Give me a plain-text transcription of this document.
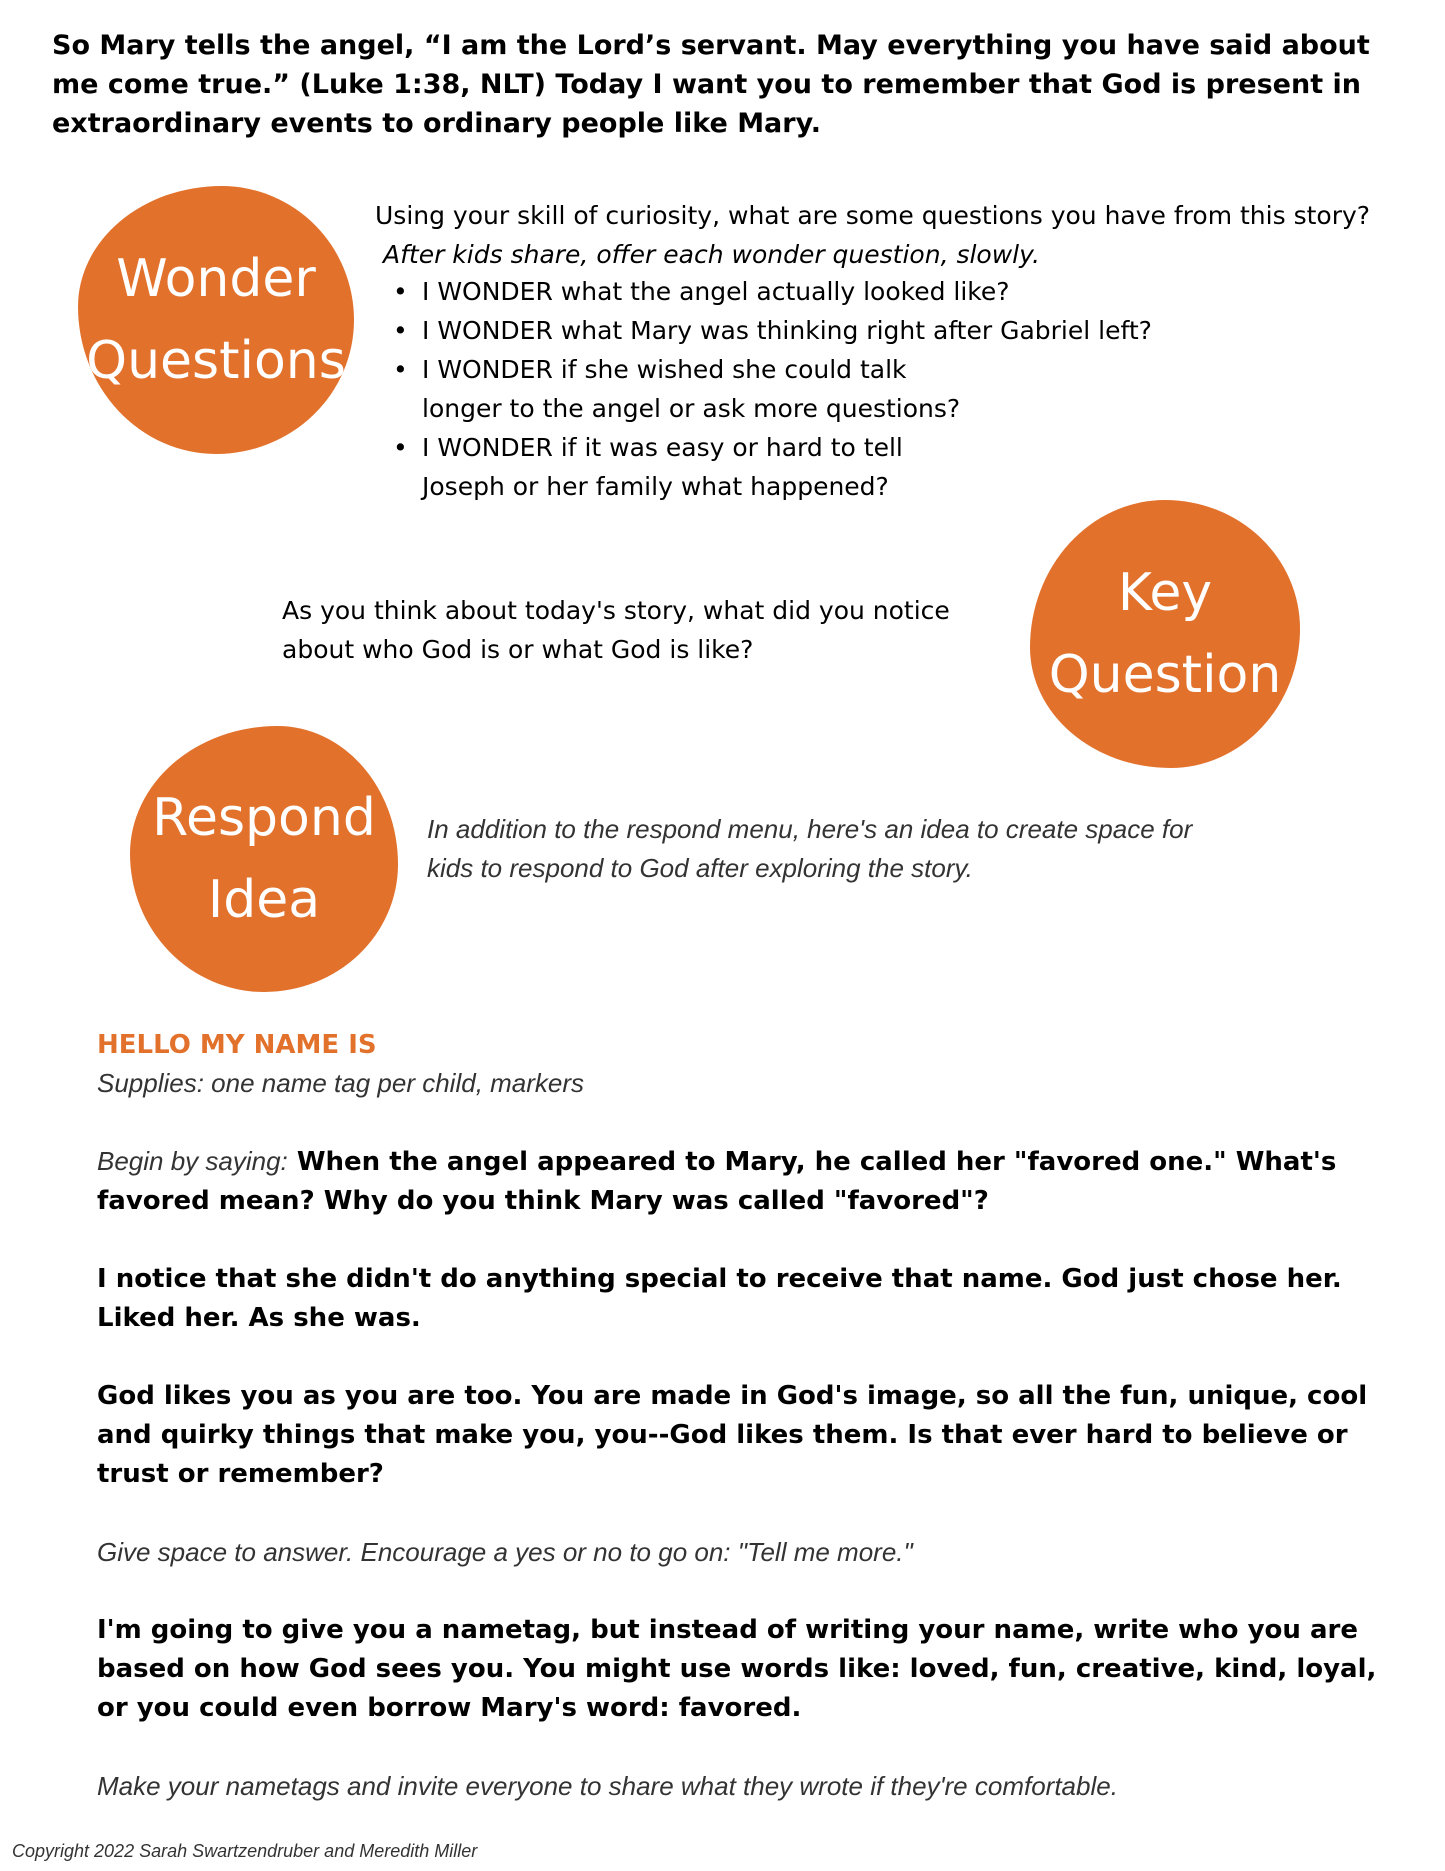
So Mary tells the angel, “I am the Lord’s servant. May everything you have said about me come true.” (Luke 1:38, NLT) Today I want you to remember that God is present in extraordinary events to ordinary people like Mary.

Wonder
Questions
Using your skill of curiosity, what are some questions you have from this story?
After kids share, offer each wonder question, slowly.
• I WONDER what the angel actually looked like?
• I WONDER what Mary was thinking right after Gabriel left?
• I WONDER if she wished she could talk longer to the angel or ask more questions?
• I WONDER if it was easy or hard to tell Joseph or her family what happened?
Key
Question
As you think about today's story, what did you notice about who God is or what God is like?
Respond
Idea
In addition to the respond menu, here's an idea to create space for kids to respond to God after exploring the story.

HELLO MY NAME IS

Supplies: one name tag per child, markers

Begin by saying: When the angel appeared to Mary, he called her "favored one." What's favored mean? Why do you think Mary was called "favored"?

I notice that she didn't do anything special to receive that name. God just chose her. Liked her. As she was.

God likes you as you are too. You are made in God's image, so all the fun, unique, cool and quirky things that make you, you--God likes them. Is that ever hard to believe or trust or remember?

Give space to answer. Encourage a yes or no to go on: "Tell me more."

I'm going to give you a nametag, but instead of writing your name, write who you are based on how God sees you. You might use words like: loved, fun, creative, kind, loyal, or you could even borrow Mary's word: favored.

Make your nametags and invite everyone to share what they wrote if they're comfortable.

Copyright 2022 Sarah Swartzendruber and Meredith Miller
